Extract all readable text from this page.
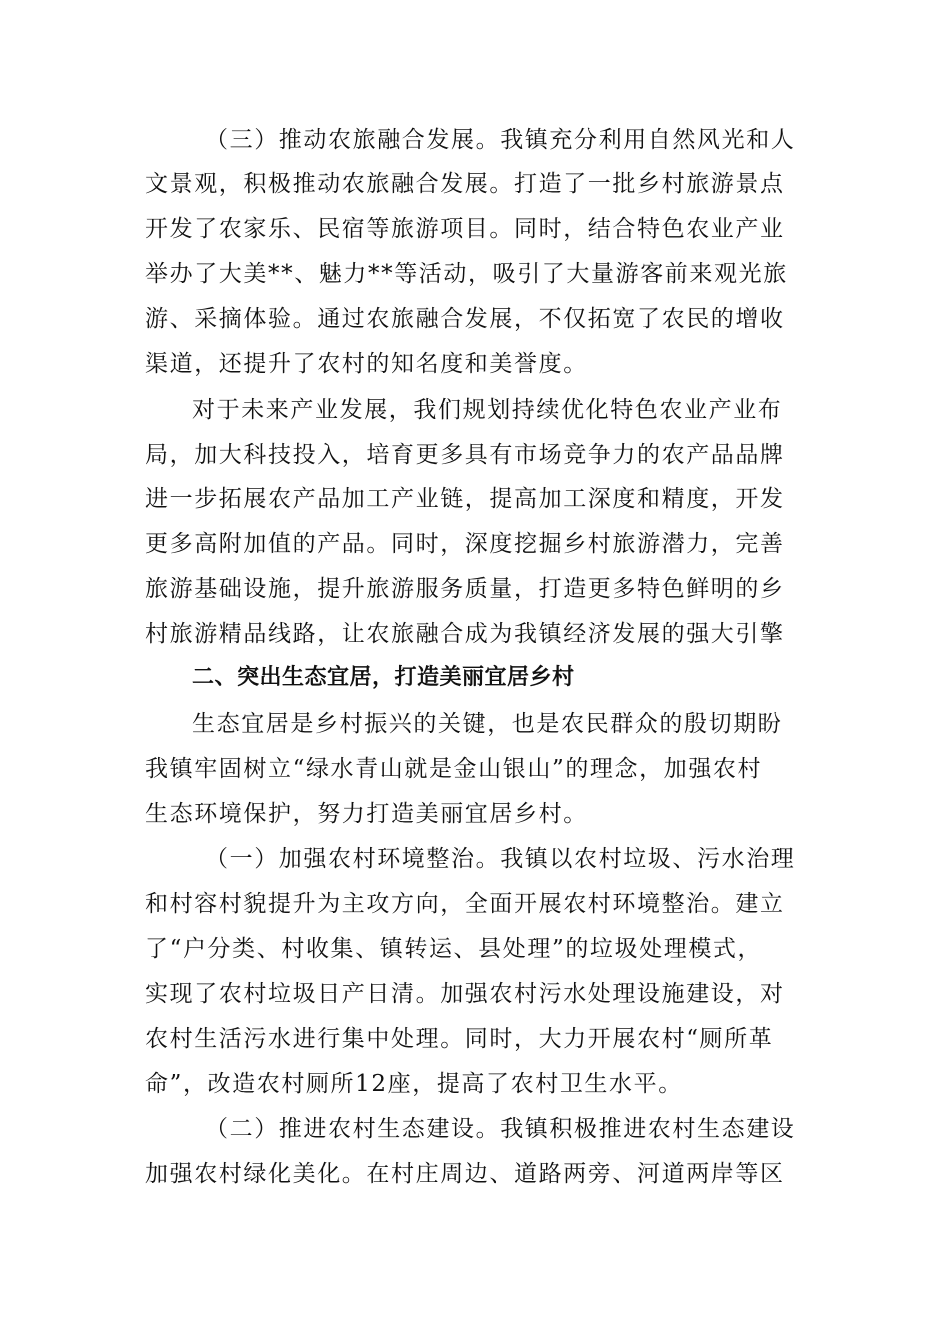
（三）推动农旅融合发展。我镇充分利用自然风光和人
文景观，积极推动农旅融合发展。打造了一批乡村旅游景点
开发了农家乐、民宿等旅游项目。同时，结合特色农业产业
举办了大美**、魅力**等活动，吸引了大量游客前来观光旅
游、采摘体验。通过农旅融合发展，不仅拓宽了农民的增收
渠道，还提升了农村的知名度和美誉度。
对于未来产业发展，我们规划持续优化特色农业产业布
局，加大科技投入，培育更多具有市场竞争力的农产品品牌
进一步拓展农产品加工产业链，提高加工深度和精度，开发
更多高附加值的产品。同时，深度挖掘乡村旅游潜力，完善
旅游基础设施，提升旅游服务质量，打造更多特色鲜明的乡
村旅游精品线路，让农旅融合成为我镇经济发展的强大引擎
二、突出生态宜居，打造美丽宜居乡村
生态宜居是乡村振兴的关键，也是农民群众的殷切期盼
我镇牢固树立“绿水青山就是金山银山”的理念，加强农村
生态环境保护，努力打造美丽宜居乡村。
（一）加强农村环境整治。我镇以农村垃圾、污水治理
和村容村貌提升为主攻方向，全面开展农村环境整治。建立
了“户分类、村收集、镇转运、县处理”的垃圾处理模式，
实现了农村垃圾日产日清。加强农村污水处理设施建设，对
农村生活污水进行集中处理。同时，大力开展农村“厕所革
命”，改造农村厕所12座，提高了农村卫生水平。
（二）推进农村生态建设。我镇积极推进农村生态建设
加强农村绿化美化。在村庄周边、道路两旁、河道两岸等区
